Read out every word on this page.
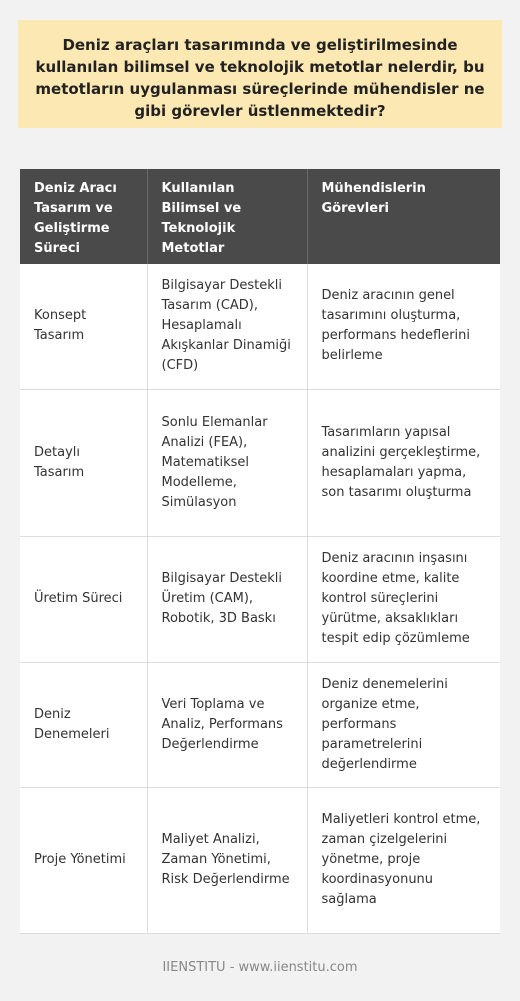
Deniz araçları tasarımında ve geliştirilmesinde kullanılan bilimsel ve teknolojik metotlar nelerdir, bu metotların uygulanması süreçlerinde mühendisler ne gibi görevler üstlenmektedir?
Deniz Aracı Tasarım ve Geliştirme Süreci	Kullanılan Bilimsel ve Teknolojik Metotlar	Mühendislerin Görevleri
Konsept Tasarım	Bilgisayar Destekli Tasarım (CAD), Hesaplamalı Akışkanlar Dinamiği (CFD)	Deniz aracının genel tasarımını oluşturma, performans hedeflerini belirleme
Detaylı Tasarım	Sonlu Elemanlar Analizi (FEA), Matematiksel Modelleme, Simülasyon	Tasarımların yapısal analizini gerçekleştirme, hesaplamaları yapma, son tasarımı oluşturma
Üretim Süreci	Bilgisayar Destekli Üretim (CAM), Robotik, 3D Baskı	Deniz aracının inşasını koordine etme, kalite kontrol süreçlerini yürütme, aksaklıkları tespit edip çözümleme
Deniz Denemeleri	Veri Toplama ve Analiz, Performans Değerlendirme	Deniz denemelerini organize etme, performans parametrelerini değerlendirme
Proje Yönetimi	Maliyet Analizi, Zaman Yönetimi, Risk Değerlendirme	Maliyetleri kontrol etme, zaman çizelgelerini yönetme, proje koordinasyonunu sağlama
IIENSTITU - www.iienstitu.com
